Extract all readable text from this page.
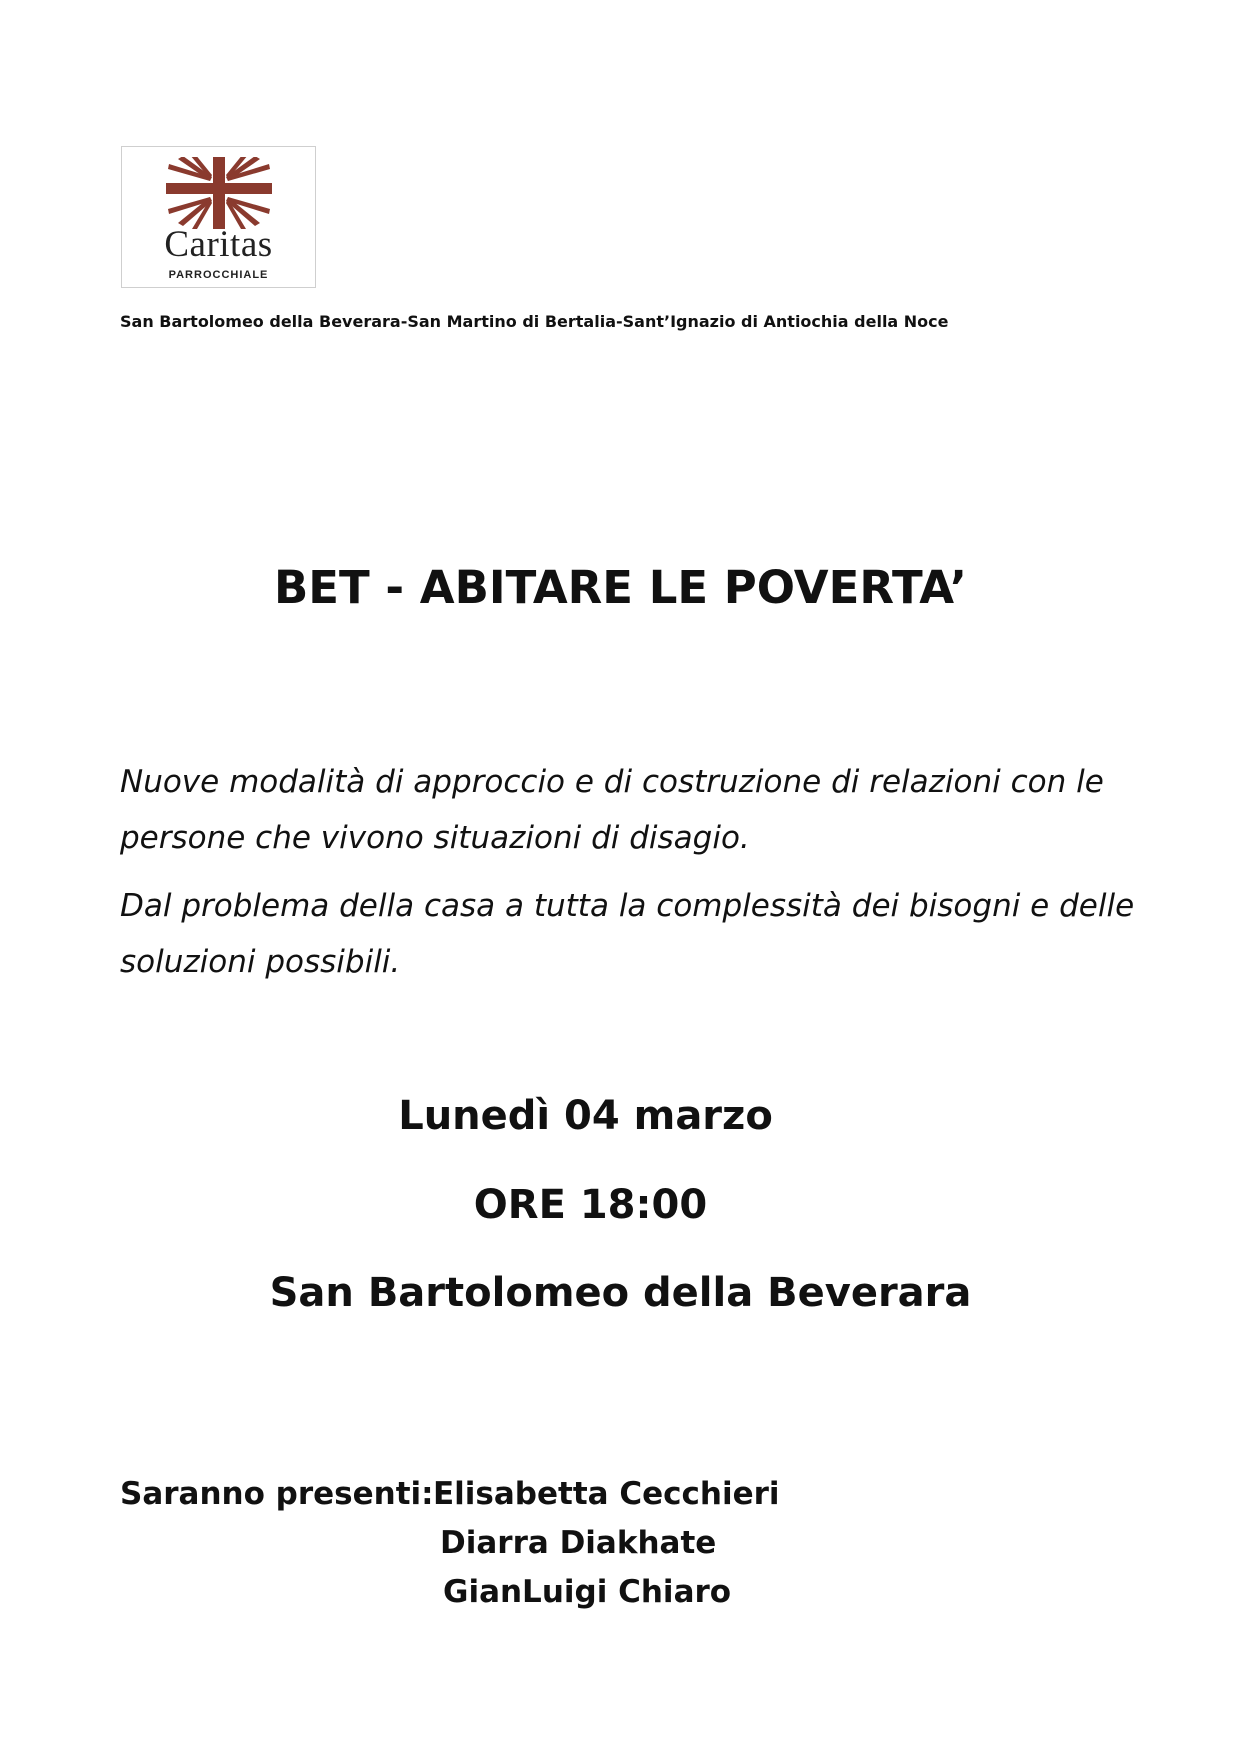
Caritas
PARROCCHIALE
San Bartolomeo della Beverara-San Martino di Bertalia-Sant’Ignazio di Antiochia della Noce
BET - ABITARE LE POVERTA’

Nuove modalità di approccio e di costruzione di relazioni con le persone che vivono situazioni di disagio.

Dal problema della casa a tutta la complessità dei bisogni e delle soluzioni possibili.

Lunedì 04 marzo
ORE 18:00
San Bartolomeo della Beverara
Saranno presenti: Elisabetta Cecchieri
Diarra Diakhate
GianLuigi Chiaro
